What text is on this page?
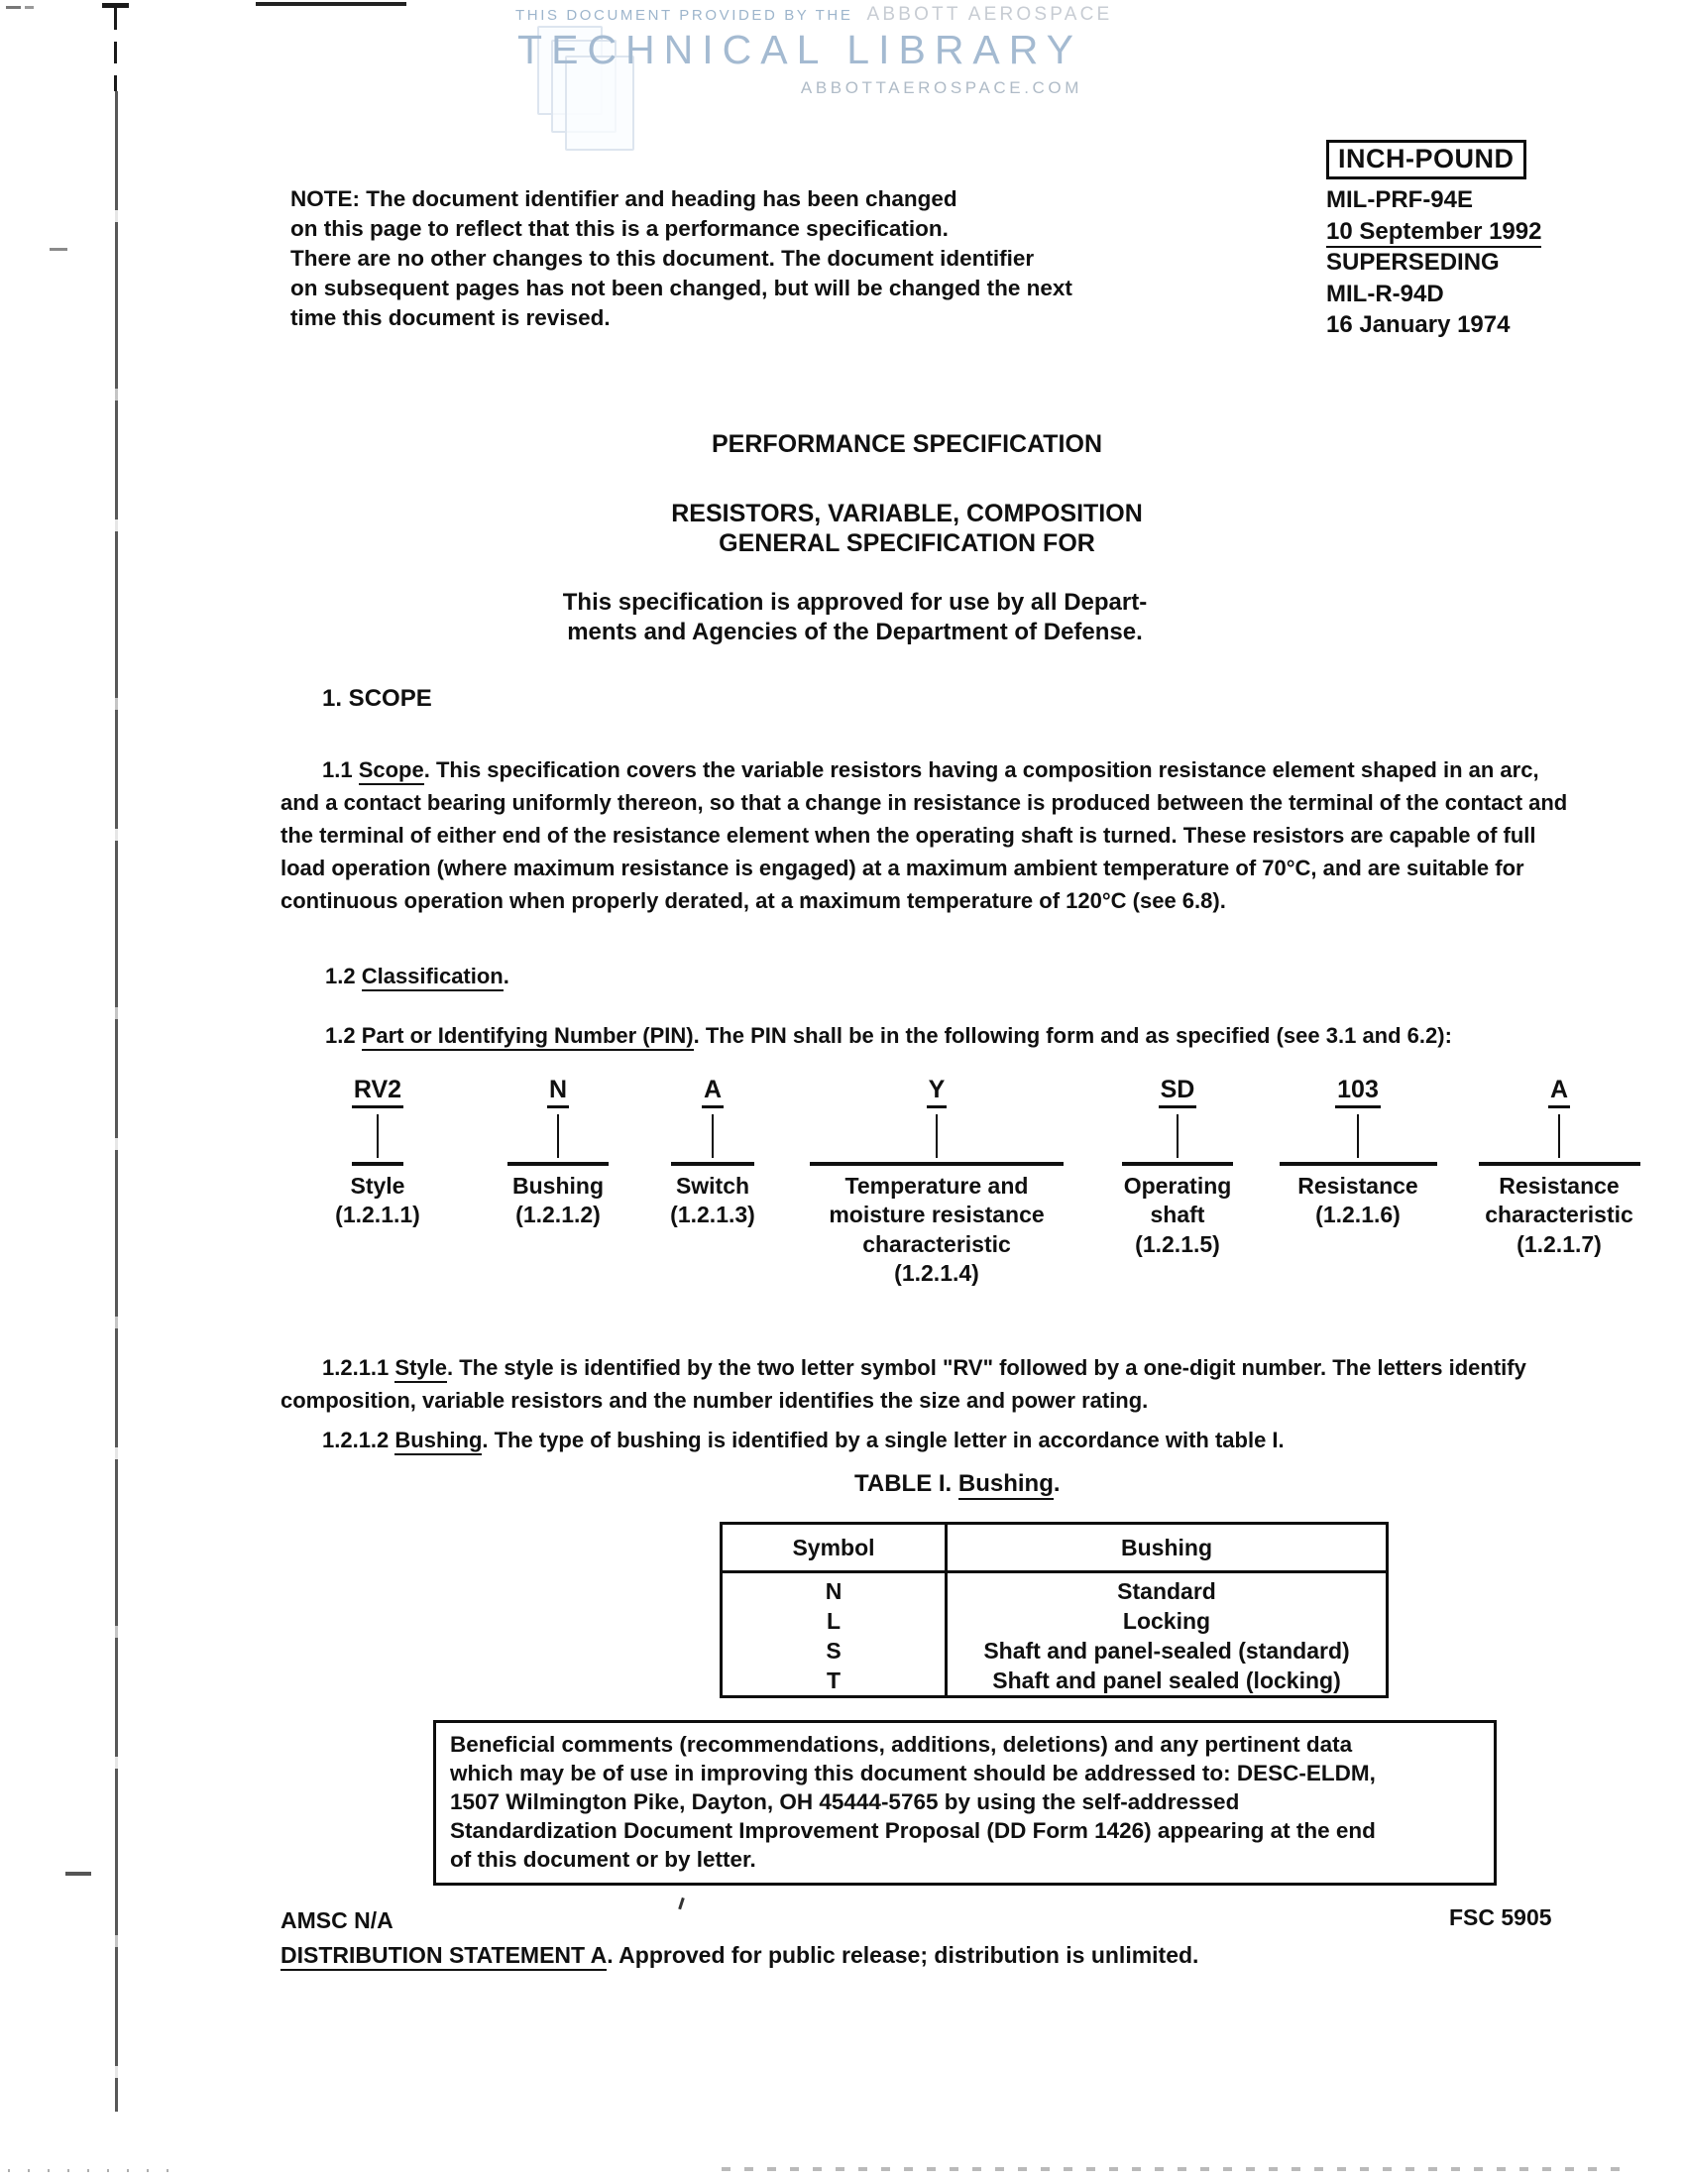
THIS DOCUMENT PROVIDED BY THE ABBOTT AEROSPACE
TECHNICAL LIBRARY
ABBOTTAEROSPACE.COM
INCH-POUND
MIL-PRF-94E
10 September 1992
SUPERSEDING
MIL-R-94D
16 January 1974
NOTE: The document identifier and heading has been changed
on this page to reflect that this is a performance specification.
There are no other changes to this document. The document identifier
on subsequent pages has not been changed, but will be changed the next
time this document is revised.
PERFORMANCE SPECIFICATION
RESISTORS, VARIABLE, COMPOSITION
GENERAL SPECIFICATION FOR
This specification is approved for use by all Depart-
ments and Agencies of the Department of Defense.
1. SCOPE

1.1 Scope. This specification covers the variable resistors having a composition resistance element shaped in an arc, and a contact bearing uniformly thereon, so that a change in resistance is produced between the terminal of the contact and the terminal of either end of the resistance element when the operating shaft is turned. These resistors are capable of full load operation (where maximum resistance is engaged) at a maximum ambient temperature of 70°C, and are suitable for continuous operation when properly derated, at a maximum temperature of 120°C (see 6.8).

1.2 Classification.
1.2 Part or Identifying Number (PIN). The PIN shall be in the following form and as specified (see 3.1 and 6.2):
RV2
Style
(1.2.1.1)
N
Bushing
(1.2.1.2)
A
Switch
(1.2.1.3)
Y
Temperature and
moisture resistance
characteristic
(1.2.1.4)
SD
Operating
shaft
(1.2.1.5)
103
Resistance
(1.2.1.6)
A
Resistance
characteristic
(1.2.1.7)

1.2.1.1 Style. The style is identified by the two letter symbol "RV" followed by a one-digit number. The letters identify composition, variable resistors and the number identifies the size and power rating.

1.2.1.2 Bushing. The type of bushing is identified by a single letter in accordance with table I.
TABLE I. Bushing.
Symbol	Bushing
N	Standard
L	Locking
S	Shaft and panel-sealed (standard)
T	Shaft and panel sealed (locking)
Beneficial comments (recommendations, additions, deletions) and any pertinent data
which may be of use in improving this document should be addressed to: DESC-ELDM,
1507 Wilmington Pike, Dayton, OH 45444-5765 by using the self-addressed
Standardization Document Improvement Proposal (DD Form 1426) appearing at the end
of this document or by letter.
AMSC N/A	FSC 5905
DISTRIBUTION STATEMENT A. Approved for public release; distribution is unlimited.
